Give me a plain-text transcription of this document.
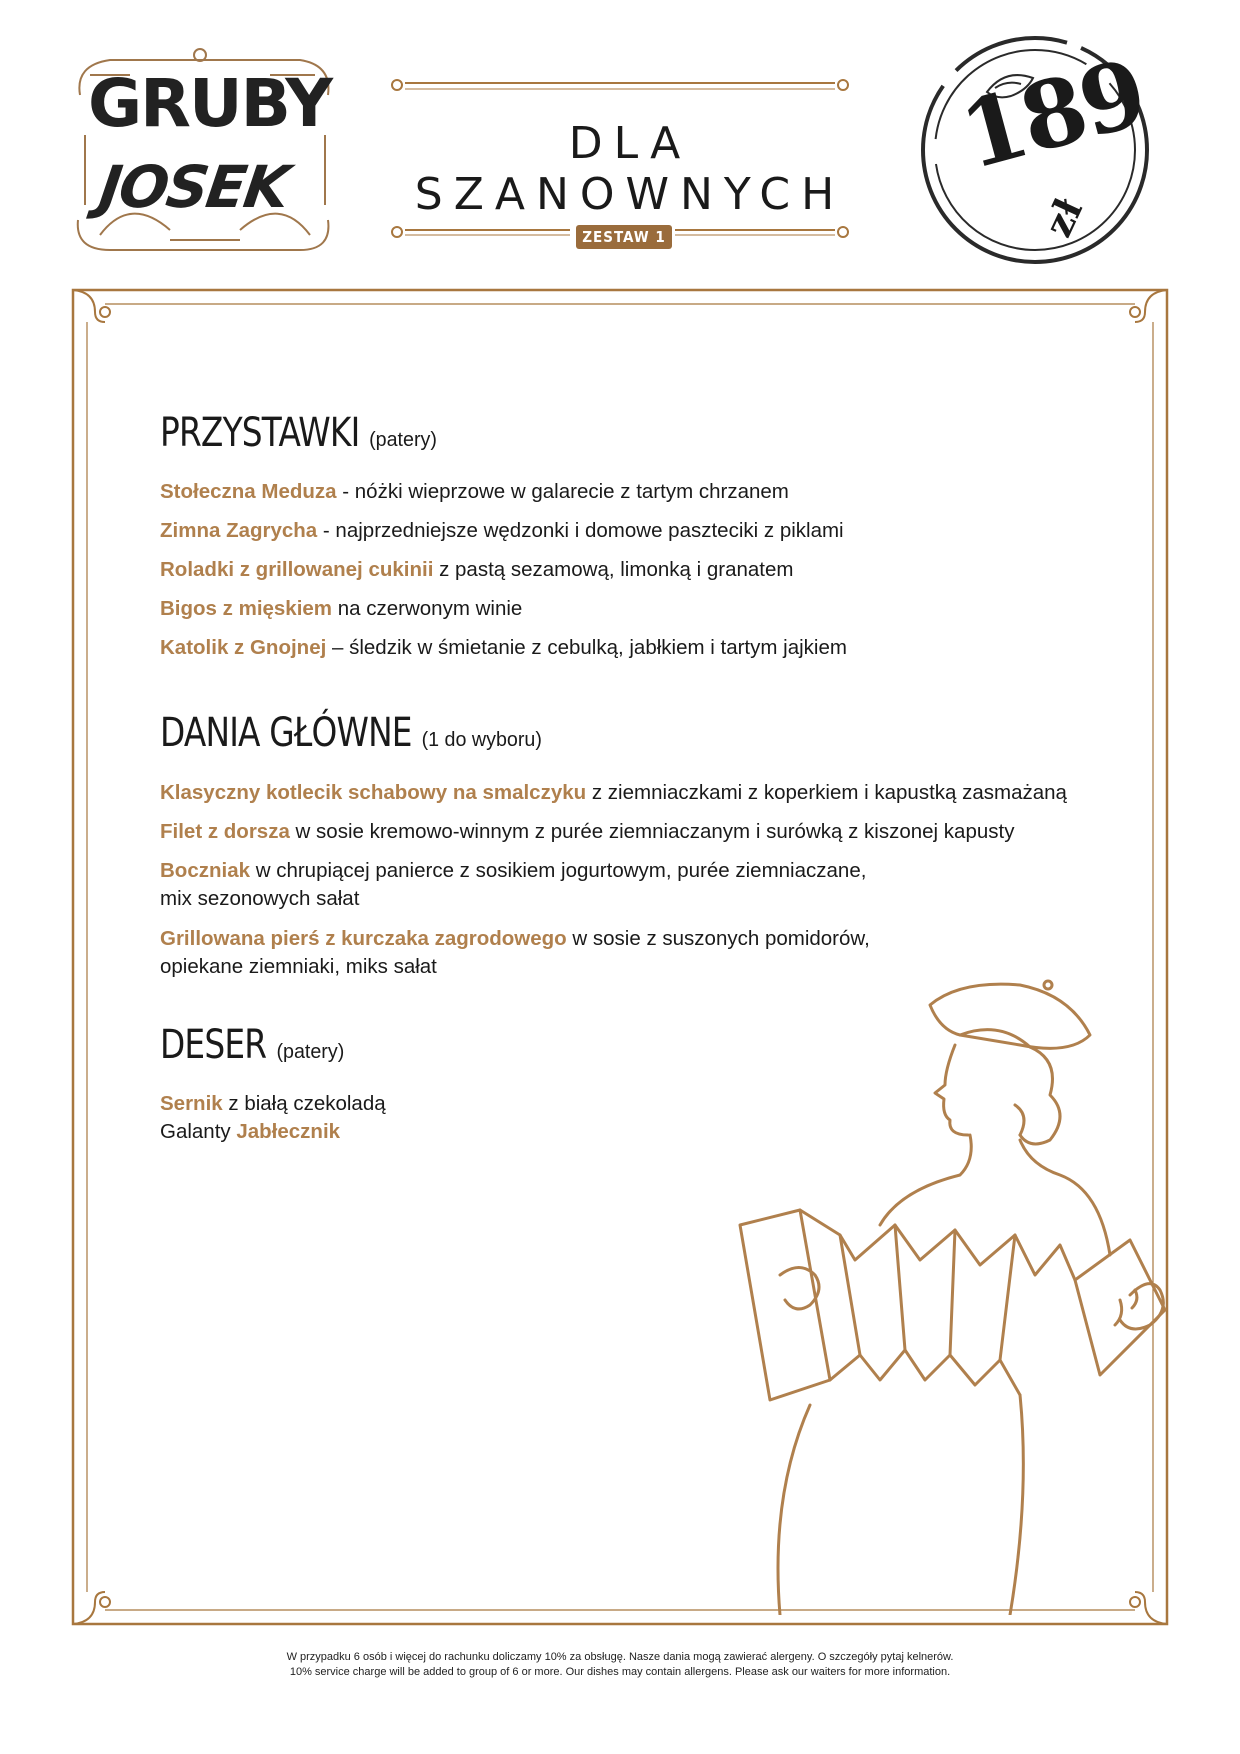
GRUBY
JOSEK
DLA SZANOWNYCH
ZESTAW 1
189
zł
PRZYSTAWKI (patery)
Stołeczna Meduza - nóżki wieprzowe w galarecie z tartym chrzanem
Zimna Zagrycha - najprzedniejsze wędzonki i domowe paszteciki z piklami
Roladki z grillowanej cukinii z pastą sezamową, limonką i granatem
Bigos z mięskiem na czerwonym winie
Katolik z Gnojnej – śledzik w śmietanie z cebulką, jabłkiem i tartym jajkiem
DANIA GŁÓWNE (1 do wyboru)
Klasyczny kotlecik schabowy na smalczyku z ziemniaczkami z koperkiem i kapustką zasmażaną
Filet z dorsza w sosie kremowo-winnym z purée ziemniaczanym i surówką z kiszonej kapusty
Boczniak w chrupiącej panierce z sosikiem jogurtowym, purée ziemniaczane,
mix sezonowych sałat
Grillowana pierś z kurczaka zagrodowego w sosie z suszonych pomidorów,
opiekane ziemniaki, miks sałat
DESER (patery)
Sernik z białą czekoladą
Galanty Jabłecznik
W przypadku 6 osób i więcej do rachunku doliczamy 10% za obsługę. Nasze dania mogą zawierać alergeny. O szczegóły pytaj kelnerów.
10% service charge will be added to group of 6 or more. Our dishes may contain allergens. Please ask our waiters for more information.
